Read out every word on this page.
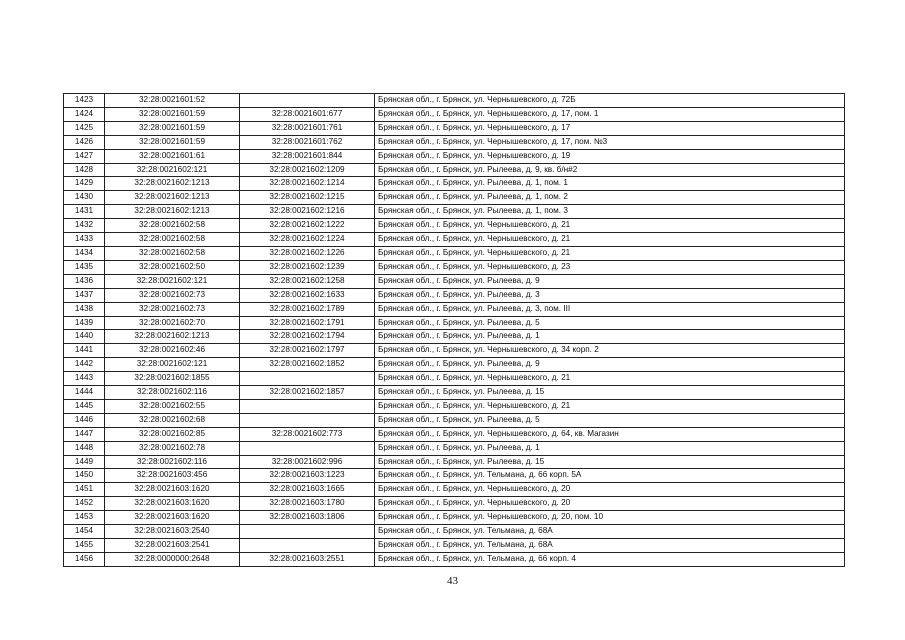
1423	32:28:0021601:52		Брянская обл., г. Брянск, ул. Чернышевского, д. 72Б
1424	32:28:0021601:59	32:28:0021601:677	Брянская обл., г. Брянск, ул. Чернышевского, д. 17, пом. 1
1425	32:28:0021601:59	32:28:0021601:761	Брянская обл., г. Брянск, ул. Чернышевского, д. 17
1426	32:28:0021601:59	32:28:0021601:762	Брянская обл., г. Брянск, ул. Чернышевского, д. 17, пом. №3
1427	32:28:0021601:61	32:28:0021601:844	Брянская обл., г. Брянск, ул. Чернышевского, д. 19
1428	32:28:0021602:121	32:28:0021602:1209	Брянская обл., г. Брянск, ул. Рылеева, д. 9, кв. б/н#2
1429	32:28:0021602:1213	32:28:0021602:1214	Брянская обл., г. Брянск, ул. Рылеева, д. 1, пом. 1
1430	32:28:0021602:1213	32:28:0021602:1215	Брянская обл., г. Брянск, ул. Рылеева, д. 1, пом. 2
1431	32:28:0021602:1213	32:28:0021602:1216	Брянская обл., г. Брянск, ул. Рылеева, д. 1, пом. 3
1432	32:28:0021602:58	32:28:0021602:1222	Брянская обл., г. Брянск, ул. Чернышевского, д. 21
1433	32:28:0021602:58	32:28:0021602:1224	Брянская обл., г. Брянск, ул. Чернышевского, д. 21
1434	32:28:0021602:58	32:28:0021602:1226	Брянская обл., г. Брянск, ул. Чернышевского, д. 21
1435	32:28:0021602:50	32:28:0021602:1239	Брянская обл., г. Брянск, ул. Чернышевского, д. 23
1436	32:28:0021602:121	32:28:0021602:1258	Брянская обл., г. Брянск, ул. Рылеева, д. 9
1437	32:28:0021602:73	32:28:0021602:1633	Брянская обл., г. Брянск, ул. Рылеева, д. 3
1438	32:28:0021602:73	32:28:0021602:1789	Брянская обл., г. Брянск, ул. Рылеева, д. 3, пом. III
1439	32:28:0021602:70	32:28:0021602:1791	Брянская обл., г. Брянск, ул. Рылеева, д. 5
1440	32:28:0021602:1213	32:28:0021602:1794	Брянская обл., г. Брянск, ул. Рылеева, д. 1
1441	32:28:0021602:46	32:28:0021602:1797	Брянская обл., г. Брянск, ул. Чернышевского, д. 34 корп. 2
1442	32:28:0021602:121	32:28:0021602:1852	Брянская обл., г. Брянск, ул. Рылеева, д. 9
1443	32:28:0021602:1855		Брянская обл., г. Брянск, ул. Чернышевского, д. 21
1444	32:28:0021602:116	32:28:0021602:1857	Брянская обл., г. Брянск, ул. Рылеева, д. 15
1445	32:28:0021602:55		Брянская обл., г. Брянск, ул. Чернышевского, д. 21
1446	32:28:0021602:68		Брянская обл., г. Брянск, ул. Рылеева, д. 5
1447	32:28:0021602:85	32:28:0021602:773	Брянская обл., г. Брянск, ул. Чернышевского, д. 64, кв. Магазин
1448	32:28:0021602:78		Брянская обл., г. Брянск, ул. Рылеева, д. 1
1449	32:28:0021602:116	32:28:0021602:996	Брянская обл., г. Брянск, ул. Рылеева, д. 15
1450	32:28:0021603:456	32:28:0021603:1223	Брянская обл., г. Брянск, ул. Тельмана, д. 66 корп. 5А
1451	32:28:0021603:1620	32:28:0021603:1665	Брянская обл., г. Брянск, ул. Чернышевского, д. 20
1452	32:28:0021603:1620	32:28:0021603:1780	Брянская обл., г. Брянск, ул. Чернышевского, д. 20
1453	32:28:0021603:1620	32:28:0021603:1806	Брянская обл., г. Брянск, ул. Чернышевского, д. 20, пом. 10
1454	32:28:0021603:2540		Брянская обл., г. Брянск, ул. Тельмана, д. 68А
1455	32:28:0021603:2541		Брянская обл., г. Брянск, ул. Тельмана, д. 68А
1456	32:28:0000000:2648	32:28:0021603:2551	Брянская обл., г. Брянск, ул. Тельмана, д. 66 корп. 4
43
